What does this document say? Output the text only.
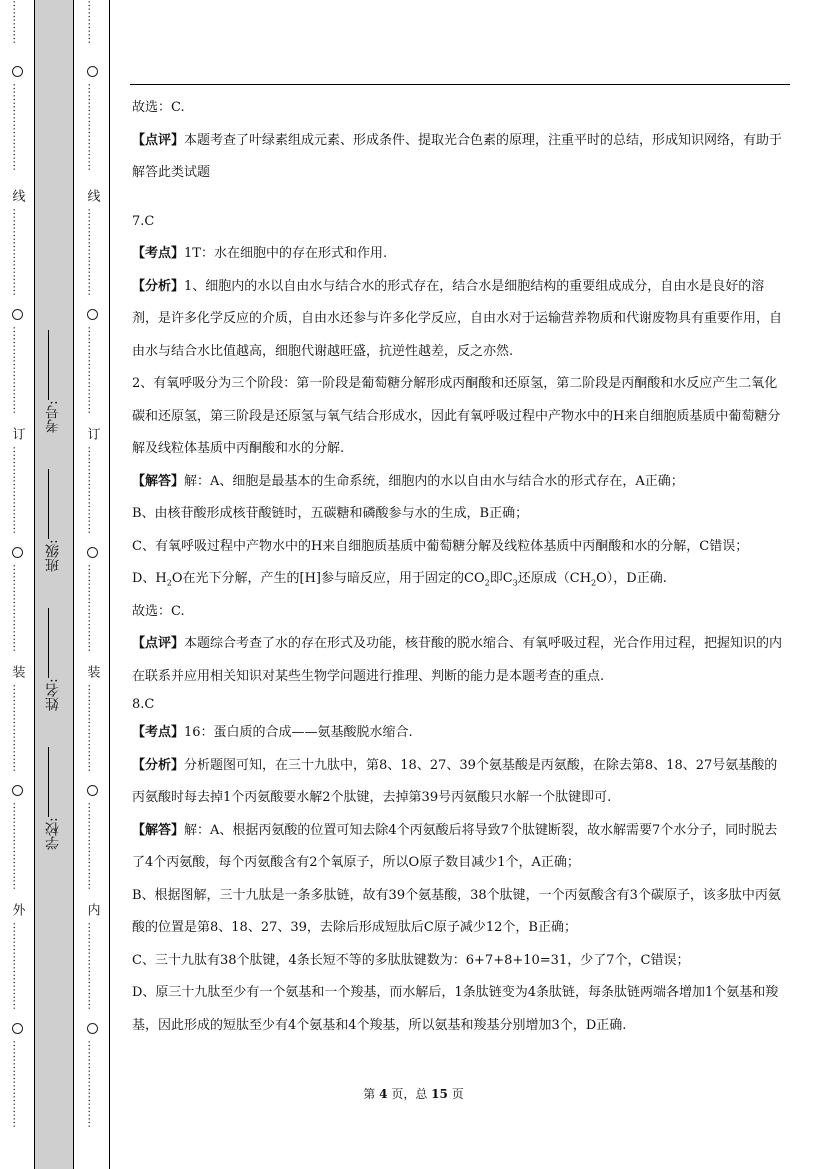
…………
……………………
线
……………………
……………………
订
……………………
……………………
装
……………………
……………………
外
……………………
……………………
学校:
姓名:
班级:
考号:
…………
……………………
线
……………………
……………………
订
……………………
……………………
装
……………………
……………………
内
……………………
……………………

故选：C.

【点评】本题考查了叶绿素组成元素、形成条件、提取光合色素的原理，注重平时的总结，形成知识网络，有助于解答此类试题

7.C

【考点】1T：水在细胞中的存在形式和作用.

【分析】1、细胞内的水以自由水与结合水的形式存在，结合水是细胞结构的重要组成成分，自由水是良好的溶剂，是许多化学反应的介质，自由水还参与许多化学反应，自由水对于运输营养物质和代谢废物具有重要作用，自由水与结合水比值越高，细胞代谢越旺盛，抗逆性越差，反之亦然.

2、有氧呼吸分为三个阶段：第一阶段是葡萄糖分解形成丙酮酸和还原氢，第二阶段是丙酮酸和水反应产生二氧化碳和还原氢，第三阶段是还原氢与氧气结合形成水，因此有氧呼吸过程中产物水中的H来自细胞质基质中葡萄糖分解及线粒体基质中丙酮酸和水的分解.

【解答】解：A、细胞是最基本的生命系统，细胞内的水以自由水与结合水的形式存在，A正确；

B、由核苷酸形成核苷酸链时，五碳糖和磷酸参与水的生成，B正确；

C、有氧呼吸过程中产物水中的H来自细胞质基质中葡萄糖分解及线粒体基质中丙酮酸和水的分解，C错误；

D、$H_2O$在光下分解，产生的[H]参与暗反应，用于固定的$CO_2$即$C_3$还原成$(CH_2O)$，D正确.

故选：C.

【点评】本题综合考查了水的存在形式及功能，核苷酸的脱水缩合、有氧呼吸过程，光合作用过程，把握知识的内在联系并应用相关知识对某些生物学问题进行推理、判断的能力是本题考查的重点.

8.C

【考点】16：蛋白质的合成——氨基酸脱水缩合.

【分析】分析题图可知，在三十九肽中，第8、18、27、39个氨基酸是丙氨酸，在除去第8、18、27号氨基酸的丙氨酸时每去掉1个丙氨酸要水解2个肽键，去掉第39号丙氨酸只水解一个肽键即可.

【解答】解：A、根据丙氨酸的位置可知去除4个丙氨酸后将导致7个肽键断裂，故水解需要7个水分子，同时脱去了4个丙氨酸，每个丙氨酸含有2个氧原子，所以O原子数目减少1个，A正确；

B、根据图解，三十九肽是一条多肽链，故有39个氨基酸，38个肽键，一个丙氨酸含有3个碳原子，该多肽中丙氨酸的位置是第8、18、27、39，去除后形成短肽后C原子减少12个，B正确；

C、三十九肽有38个肽键，4条长短不等的多肽肽键数为：6+7+8+10=31，少了7个，C错误；

D、原三十九肽至少有一个氨基和一个羧基，而水解后，1条肽链变为4条肽链，每条肽链两端各增加1个氨基和羧基，因此形成的短肽至少有4个氨基和4个羧基，所以氨基和羧基分别增加3个，D正确.

第 4 页，总 15 页
